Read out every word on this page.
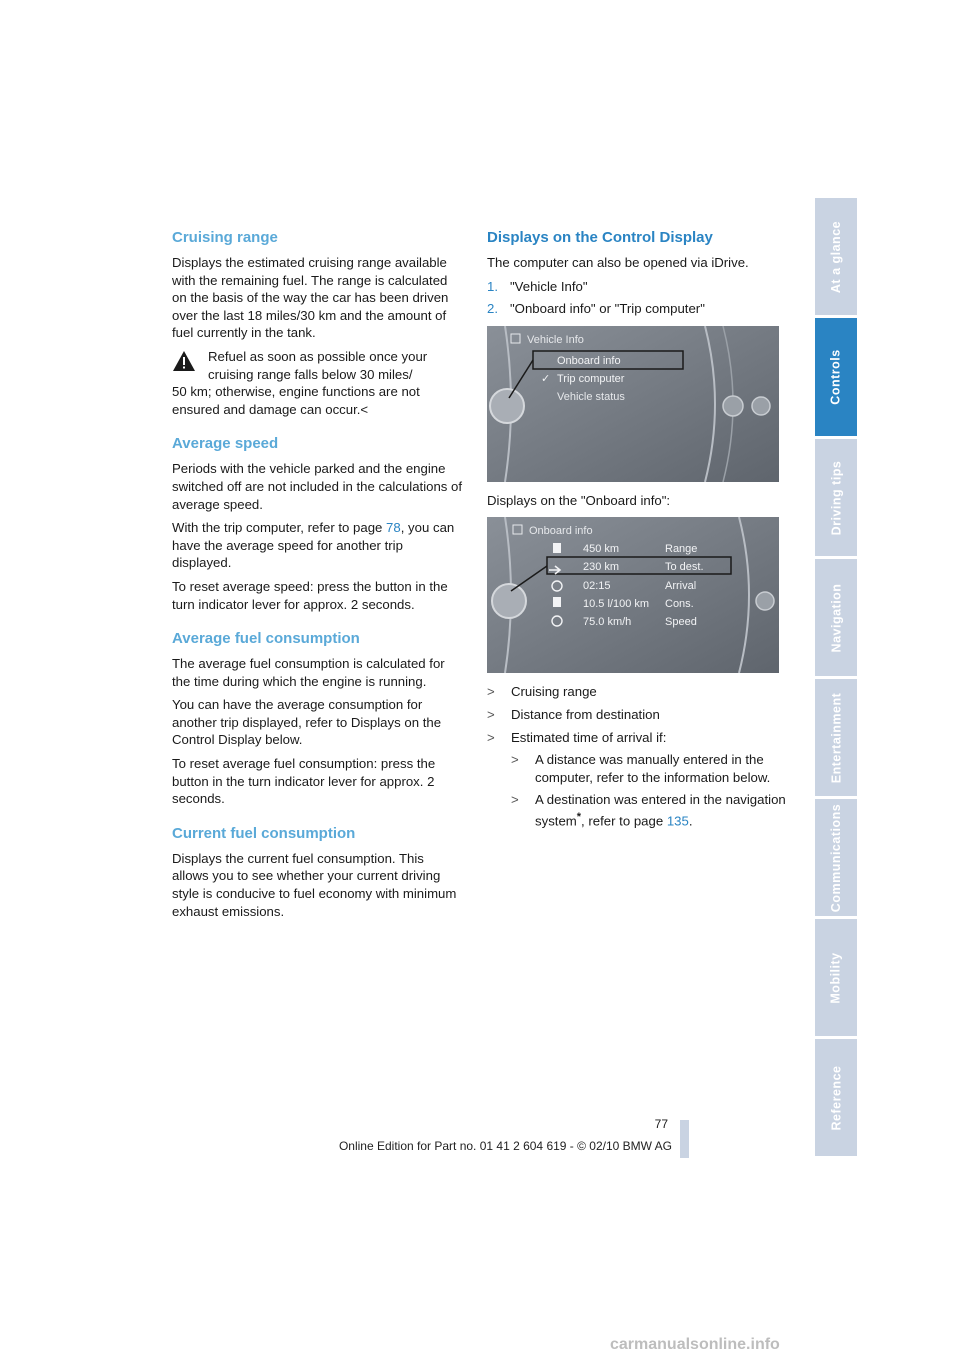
Cruising range

Displays the estimated cruising range available with the remaining fuel. The range is calculated on the basis of the way the car has been driven over the last 18 miles/30 km and the amount of fuel currently in the tank.

Refuel as soon as possible once your
cruising range falls below 30 miles/
50 km; otherwise, engine functions are not ensured and damage can occur.<

Average speed

Periods with the vehicle parked and the engine switched off are not included in the calculations of average speed.

With the trip computer, refer to page 78, you can have the average speed for another trip displayed.

To reset average speed: press the button in the turn indicator lever for approx. 2 seconds.

Average fuel consumption

The average fuel consumption is calculated for the time during which the engine is running.

You can have the average consumption for another trip displayed, refer to Displays on the Control Display below.

To reset average fuel consumption: press the button in the turn indicator lever for approx. 2 seconds.

Current fuel consumption

Displays the current fuel consumption. This allows you to see whether your current driving style is conducive to fuel economy with minimum exhaust emissions.

Displays on the Control Display

The computer can also be opened via iDrive.

1. "Vehicle Info"
2. "Onboard info" or "Trip computer"
Vehicle Info
Onboard info
✓ Trip computer
Vehicle status

Displays on the "Onboard info":

Onboard info
450 km	Range
230 km	To dest.
02:15	Arrival
10.5 l/100 km Cons.
75.0 km/h	Speed
> Cruising range
> Distance from destination
> Estimated time of arrival if:
> A distance was manually entered in the computer, refer to the information below.
> A destination was entered in the navigation system*, refer to page 135.
At a glance
Controls
Driving tips
Navigation
Entertainment
Communications
Mobility
Reference
77
Online Edition for Part no. 01 41 2 604 619 - © 02/10 BMW AG
carmanualsonline.info
